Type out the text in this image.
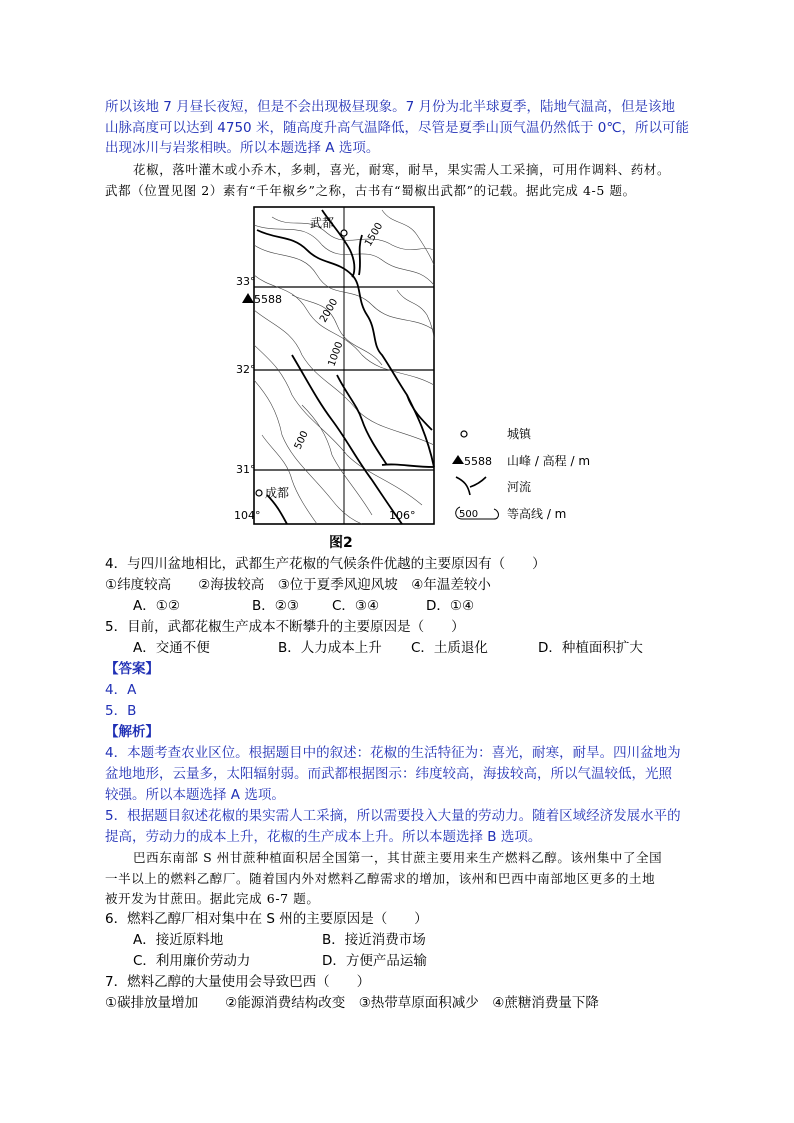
所以该地 7 月昼长夜短，但是不会出现极昼现象。7 月份为北半球夏季，陆地气温高，但是该地
山脉高度可以达到 4750 米，随高度升高气温降低，尽管是夏季山顶气温仍然低于 0℃，所以可能
出现冰川与岩浆相映。所以本题选择 A 选项。
花椒，落叶灌木或小乔木，多刺，喜光，耐寒，耐旱，果实需人工采摘，可用作调料、药材。
武都（位置见图 2）素有“千年椒乡”之称，古书有“蜀椒出武都”的记载。据此完成 4-5 题。
武都
成都
5588
33°
32°
31°
104°	106°
1500
2000
1000
500
图2
城镇
5588 山峰 / 高程 / m
河流
500 等高线 / m
4．与四川盆地相比，武都生产花椒的气候条件优越的主要原因有（　　）
①纬度较高　　②海拔较高　③位于夏季风迎风坡　④年温差较小
A．①②	B．②③ C．③④	D．①④
5．目前，武都花椒生产成本不断攀升的主要原因是（　　）
A．交通不便	B．人力成本上升 C．土质退化	D．种植面积扩大
【答案】
4．A
5．B
【解析】
4．本题考查农业区位。根据题目中的叙述：花椒的生活特征为：喜光，耐寒，耐旱。四川盆地为
盆地地形，云量多，太阳辐射弱。而武都根据图示：纬度较高，海拔较高，所以气温较低，光照
较强。所以本题选择 A 选项。
5．根据题目叙述花椒的果实需人工采摘，所以需要投入大量的劳动力。随着区域经济发展水平的
提高，劳动力的成本上升，花椒的生产成本上升。所以本题选择 B 选项。
巴西东南部 S 州甘蔗种植面积居全国第一，其甘蔗主要用来生产燃料乙醇。该州集中了全国
一半以上的燃料乙醇厂。随着国内外对燃料乙醇需求的增加，该州和巴西中南部地区更多的土地
被开发为甘蔗田。据此完成 6-7 题。
6．燃料乙醇厂相对集中在 S 州的主要原因是（　　）
A．接近原料地	B．接近消费市场
C．利用廉价劳动力	D．方便产品运输
7．燃料乙醇的大量使用会导致巴西（　　）
①碳排放量增加　　②能源消费结构改变　③热带草原面积减少　④蔗糖消费量下降
